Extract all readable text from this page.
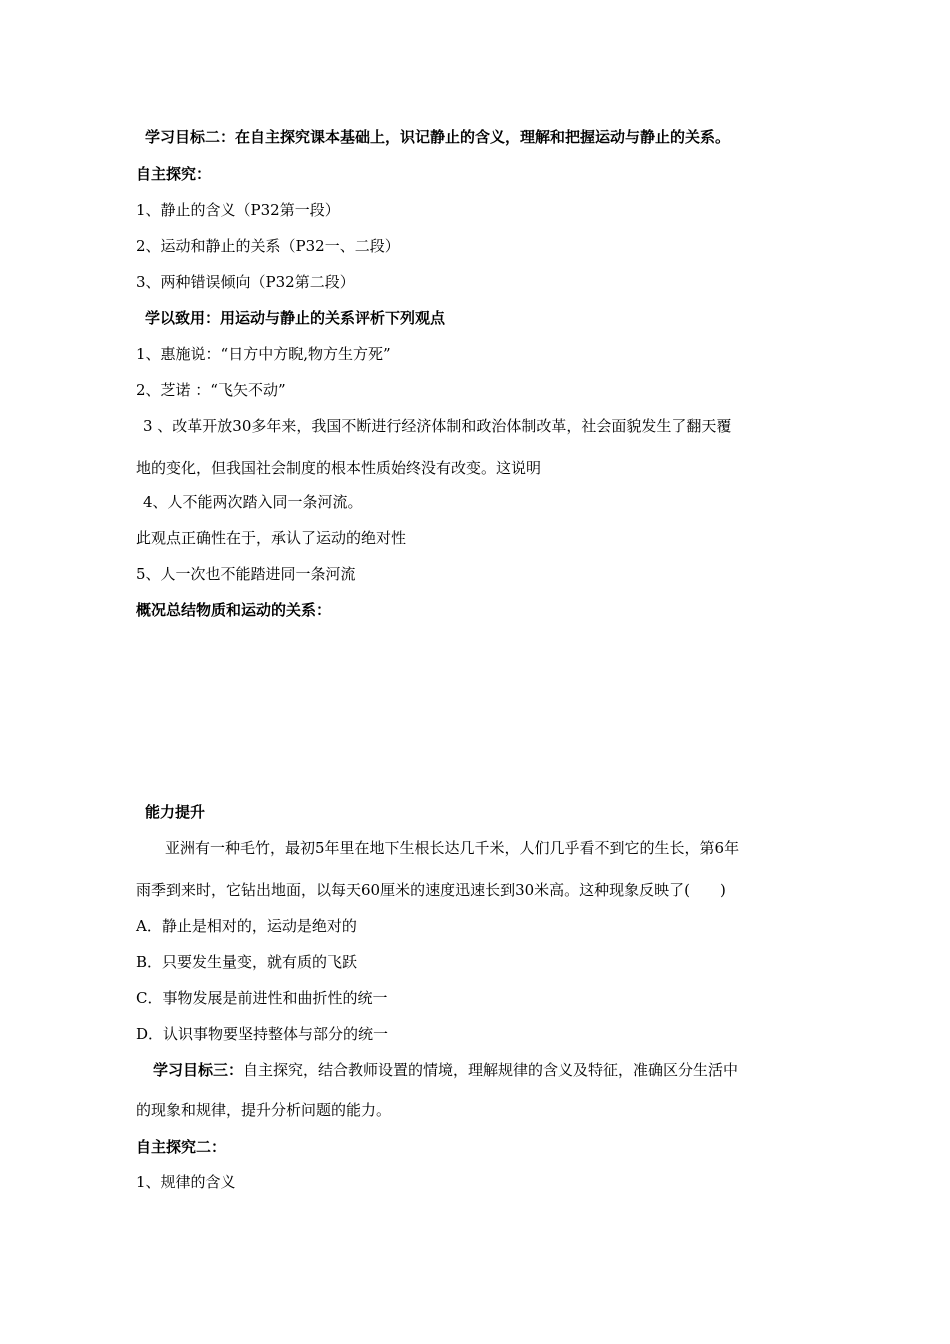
学习目标二：在自主探究课本基础上，识记静止的含义，理解和把握运动与静止的关系。
自主探究：
1、静止的含义（P32第一段）
2、运动和静止的关系（P32一、二段）
3、两种错误倾向（P32第二段）
学以致用：用运动与静止的关系评析下列观点
1、惠施说：“日方中方睨,物方生方死”
2、芝诺 ：“飞矢不动”
3 、改革开放30多年来，我国不断进行经济体制和政治体制改革，社会面貌发生了翻天覆
地的变化，但我国社会制度的根本性质始终没有改变。这说明
4、人不能两次踏入同一条河流。
此观点正确性在于，承认了运动的绝对性
5、人一次也不能踏进同一条河流
概况总结物质和运动的关系：
能力提升
亚洲有一种毛竹，最初5年里在地下生根长达几千米，人们几乎看不到它的生长，第6年
雨季到来时，它钻出地面，以每天60厘米的速度迅速长到30米高。这种现象反映了(　　)
A．静止是相对的，运动是绝对的
B．只要发生量变，就有质的飞跃
C．事物发展是前进性和曲折性的统一
D．认识事物要坚持整体与部分的统一
学习目标三：自主探究，结合教师设置的情境，理解规律的含义及特征，准确区分生活中
的现象和规律，提升分析问题的能力。
自主探究二：
1、规律的含义
